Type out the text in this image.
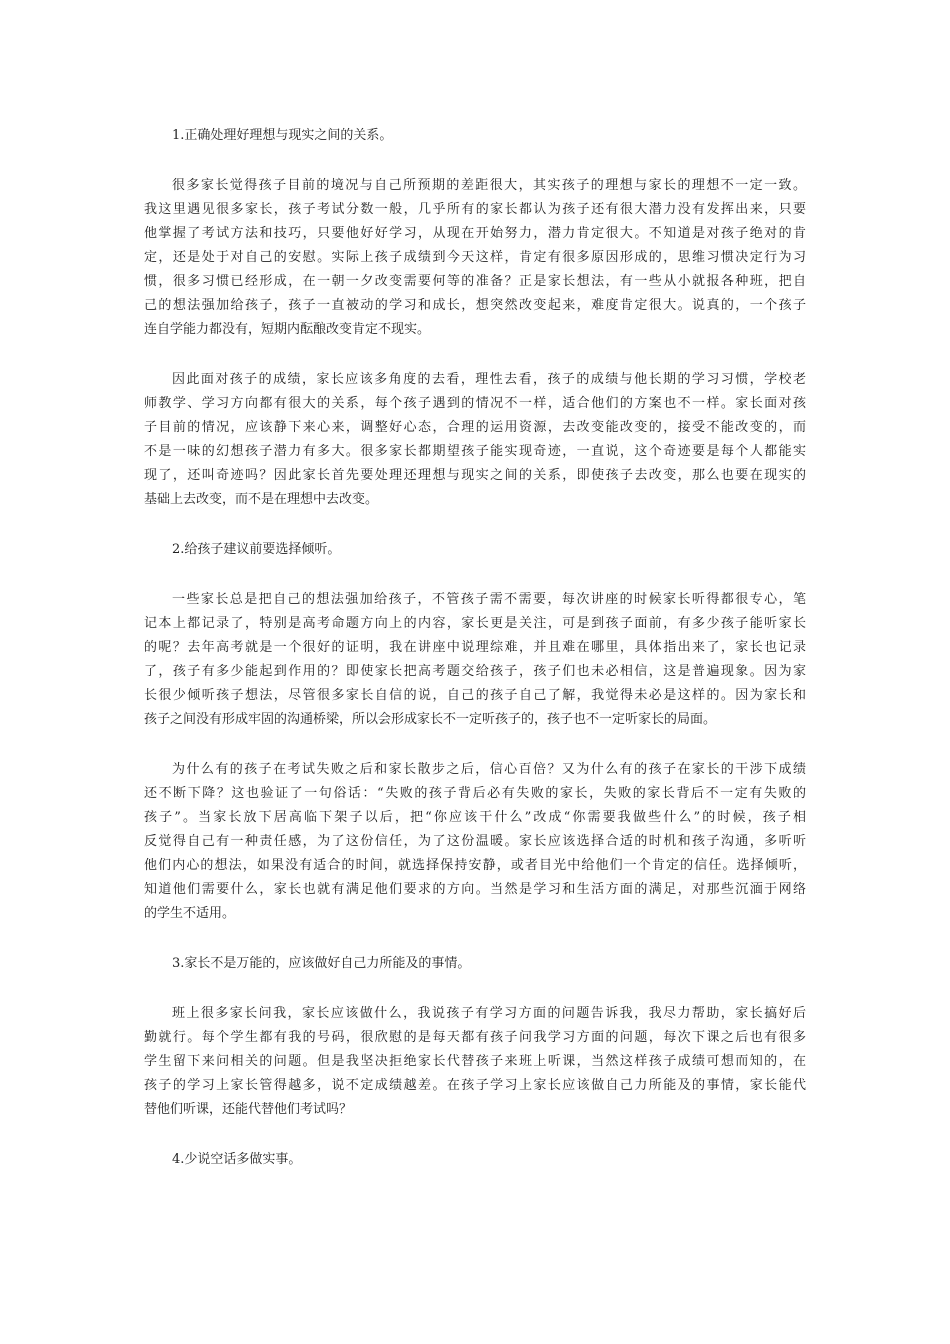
1.正确处理好理想与现实之间的关系。

很多家长觉得孩子目前的境况与自己所预期的差距很大，其实孩子的理想与家长的理想不一定一致。
我这里遇见很多家长，孩子考试分数一般，几乎所有的家长都认为孩子还有很大潜力没有发挥出来，只要
他掌握了考试方法和技巧，只要他好好学习，从现在开始努力，潜力肯定很大。不知道是对孩子绝对的肯
定，还是处于对自己的安慰。实际上孩子成绩到今天这样，肯定有很多原因形成的，思维习惯决定行为习
惯，很多习惯已经形成，在一朝一夕改变需要何等的准备？正是家长想法，有一些从小就报各种班，把自
己的想法强加给孩子，孩子一直被动的学习和成长，想突然改变起来，难度肯定很大。说真的，一个孩子
连自学能力都没有，短期内酝酿改变肯定不现实。
因此面对孩子的成绩，家长应该多角度的去看，理性去看，孩子的成绩与他长期的学习习惯，学校老
师教学、学习方向都有很大的关系，每个孩子遇到的情况不一样，适合他们的方案也不一样。家长面对孩
子目前的情况，应该静下来心来，调整好心态，合理的运用资源，去改变能改变的，接受不能改变的，而
不是一味的幻想孩子潜力有多大。很多家长都期望孩子能实现奇迹，一直说，这个奇迹要是每个人都能实
现了，还叫奇迹吗？因此家长首先要处理还理想与现实之间的关系，即使孩子去改变，那么也要在现实的
基础上去改变，而不是在理想中去改变。

2.给孩子建议前要选择倾听。

一些家长总是把自己的想法强加给孩子，不管孩子需不需要，每次讲座的时候家长听得都很专心，笔
记本上都记录了，特别是高考命题方向上的内容，家长更是关注，可是到孩子面前，有多少孩子能听家长
的呢？去年高考就是一个很好的证明，我在讲座中说理综难，并且难在哪里，具体指出来了，家长也记录
了，孩子有多少能起到作用的？即使家长把高考题交给孩子，孩子们也未必相信，这是普遍现象。因为家
长很少倾听孩子想法，尽管很多家长自信的说，自己的孩子自己了解，我觉得未必是这样的。因为家长和
孩子之间没有形成牢固的沟通桥梁，所以会形成家长不一定听孩子的，孩子也不一定听家长的局面。
为什么有的孩子在考试失败之后和家长散步之后，信心百倍？又为什么有的孩子在家长的干涉下成绩
还不断下降？这也验证了一句俗话：“失败的孩子背后必有失败的家长，失败的家长背后不一定有失败的
孩子”。当家长放下居高临下架子以后，把“你应该干什么”改成“你需要我做些什么”的时候，孩子相
反觉得自己有一种责任感，为了这份信任，为了这份温暖。家长应该选择合适的时机和孩子沟通，多听听
他们内心的想法，如果没有适合的时间，就选择保持安静，或者目光中给他们一个肯定的信任。选择倾听，
知道他们需要什么，家长也就有满足他们要求的方向。当然是学习和生活方面的满足，对那些沉湎于网络
的学生不适用。

3.家长不是万能的，应该做好自己力所能及的事情。

班上很多家长问我，家长应该做什么，我说孩子有学习方面的问题告诉我，我尽力帮助，家长搞好后
勤就行。每个学生都有我的号码，很欣慰的是每天都有孩子问我学习方面的问题，每次下课之后也有很多
学生留下来问相关的问题。但是我坚决拒绝家长代替孩子来班上听课，当然这样孩子成绩可想而知的，在
孩子的学习上家长管得越多，说不定成绩越差。在孩子学习上家长应该做自己力所能及的事情，家长能代
替他们听课，还能代替他们考试吗？

4.少说空话多做实事。
